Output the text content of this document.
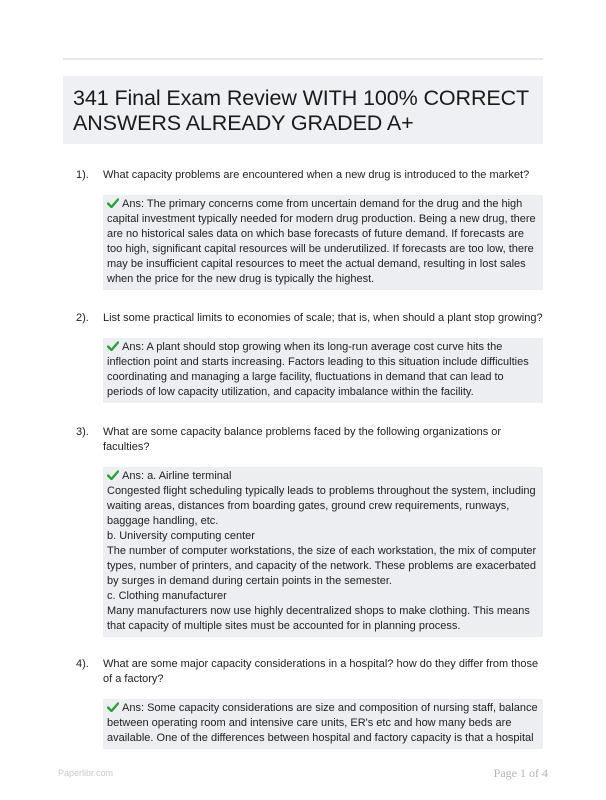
341 Final Exam Review WITH 100% CORRECT ANSWERS ALREADY GRADED A+
1). What capacity problems are encountered when a new drug is introduced to the market?

Ans: The primary concerns come from uncertain demand for the drug and the high capital investment typically needed for modern drug production. Being a new drug, there are no historical sales data on which base forecasts of future demand. If forecasts are too high, significant capital resources will be underutilized. If forecasts are too low, there may be insufficient capital resources to meet the actual demand, resulting in lost sales when the price for the new drug is typically the highest.

2). List some practical limits to economies of scale; that is, when should a plant stop growing?

Ans: A plant should stop growing when its long-run average cost curve hits the inflection point and starts increasing. Factors leading to this situation include difficulties coordinating and managing a large facility, fluctuations in demand that can lead to periods of low capacity utilization, and capacity imbalance within the facility.

3). What are some capacity balance problems faced by the following organizations or faculties?

Ans: a. Airline terminal

Congested flight scheduling typically leads to problems throughout the system, including waiting areas, distances from boarding gates, ground crew requirements, runways, baggage handling, etc.

b. University computing center

The number of computer workstations, the size of each workstation, the mix of computer types, number of printers, and capacity of the network. These problems are exacerbated by surges in demand during certain points in the semester.

c. Clothing manufacturer

Many manufacturers now use highly decentralized shops to make clothing. This means that capacity of multiple sites must be accounted for in planning process.

4). What are some major capacity considerations in a hospital? how do they differ from those of a factory?

Ans: Some capacity considerations are size and composition of nursing staff, balance between operating room and intensive care units, ER's etc and how many beds are available. One of the differences between hospital and factory capacity is that a hospital

Paperlibr.com	Page 1 of 4
